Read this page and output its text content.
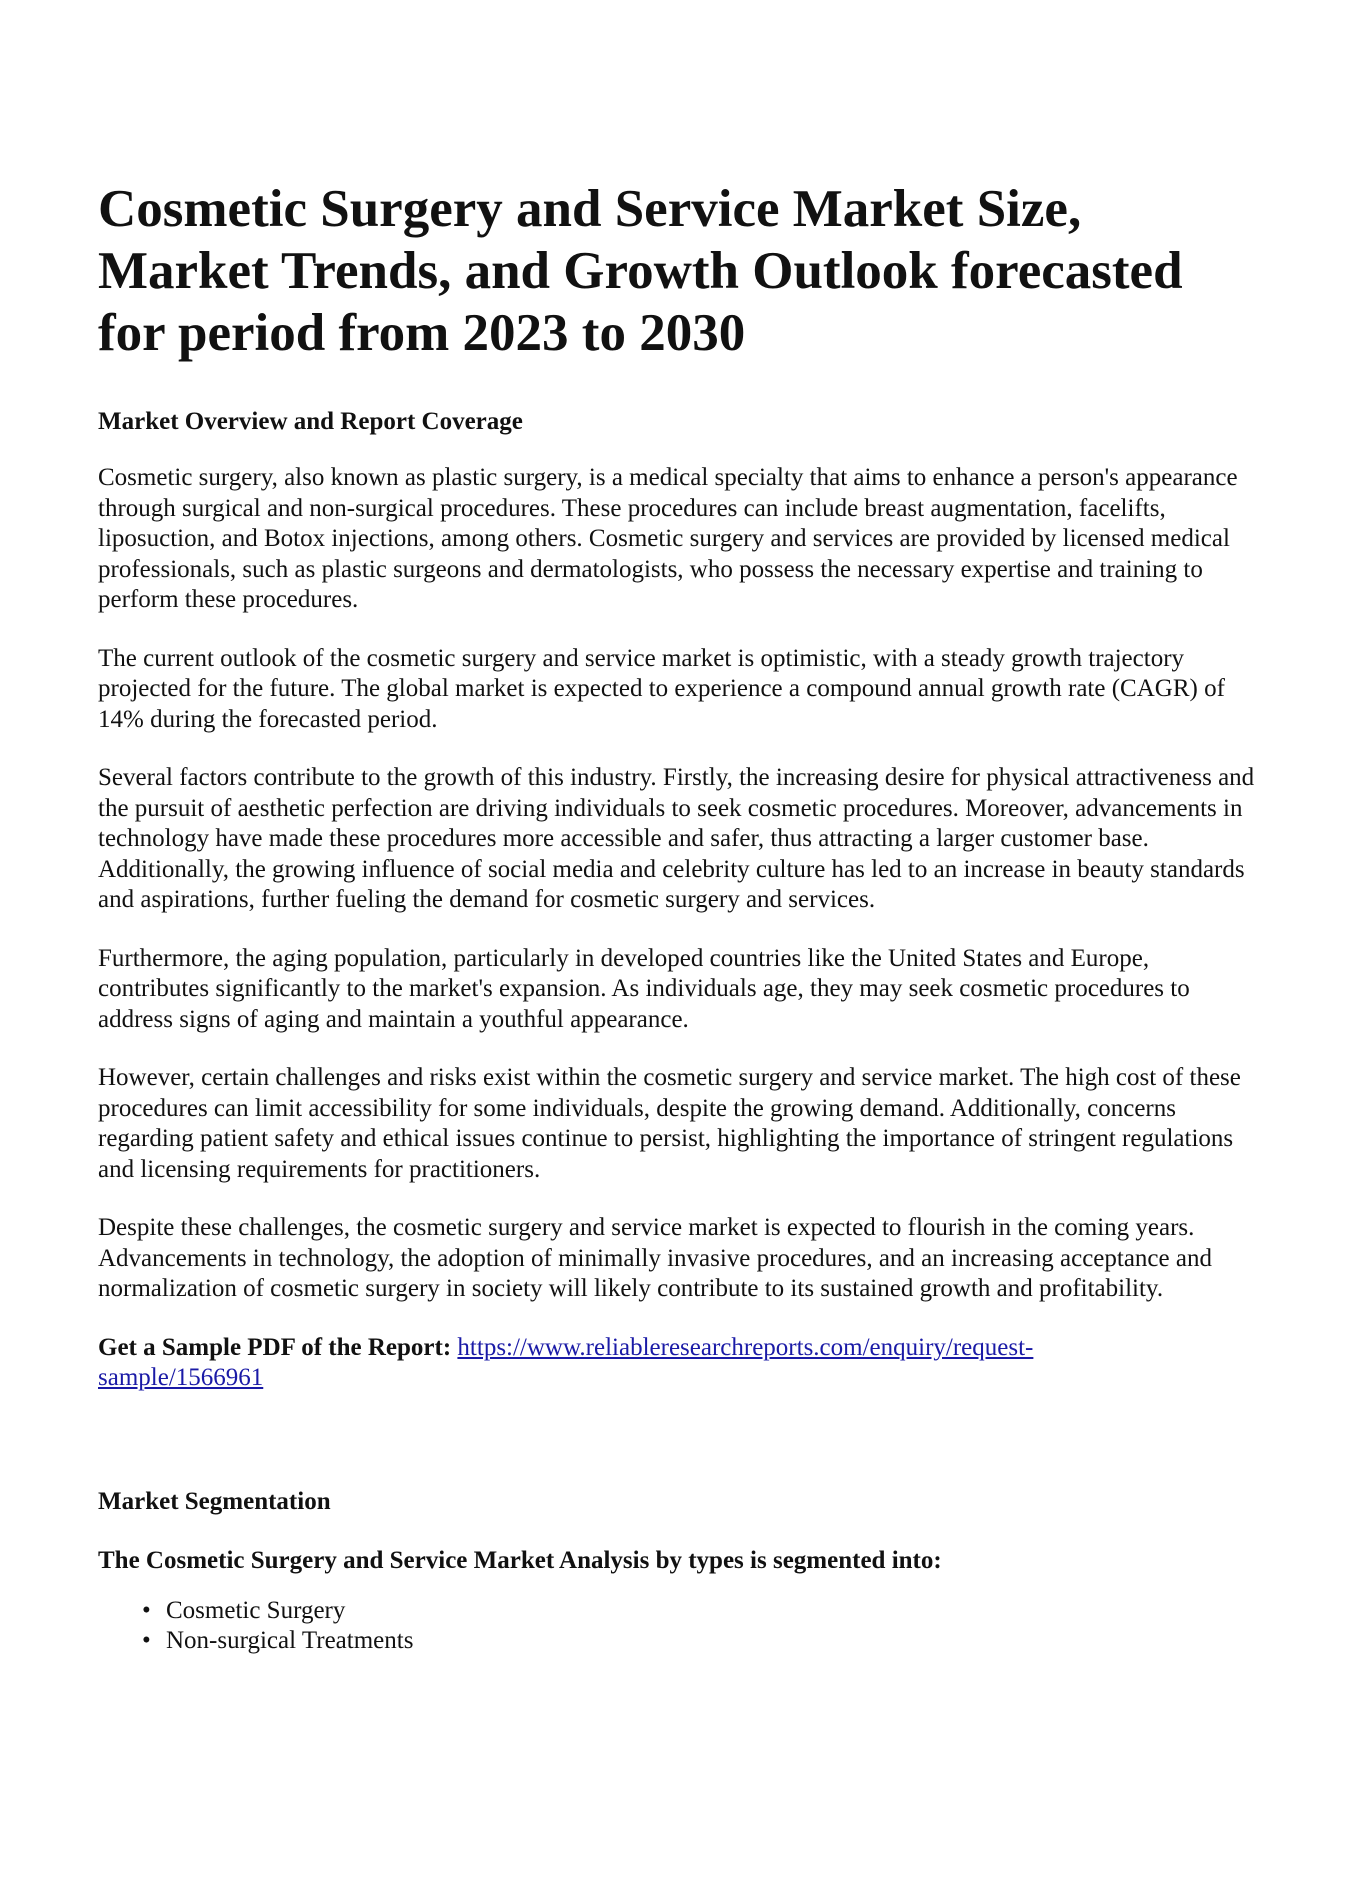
Cosmetic Surgery and Service Market Size, Market Trends, and Growth Outlook forecasted for period from 2023 to 2030
Market Overview and Report Coverage

Cosmetic surgery, also known as plastic surgery, is a medical specialty that aims to enhance a person's appearance through surgical and non-surgical procedures. These procedures can include breast augmentation, facelifts, liposuction, and Botox injections, among others. Cosmetic surgery and services are provided by licensed medical professionals, such as plastic surgeons and dermatologists, who possess the necessary expertise and training to perform these procedures.

The current outlook of the cosmetic surgery and service market is optimistic, with a steady growth trajectory projected for the future. The global market is expected to experience a compound annual growth rate (CAGR) of 14% during the forecasted period.

Several factors contribute to the growth of this industry. Firstly, the increasing desire for physical attractiveness and the pursuit of aesthetic perfection are driving individuals to seek cosmetic procedures. Moreover, advancements in technology have made these procedures more accessible and safer, thus attracting a larger customer base. Additionally, the growing influence of social media and celebrity culture has led to an increase in beauty standards and aspirations, further fueling the demand for cosmetic surgery and services.

Furthermore, the aging population, particularly in developed countries like the United States and Europe, contributes significantly to the market's expansion. As individuals age, they may seek cosmetic procedures to address signs of aging and maintain a youthful appearance.

However, certain challenges and risks exist within the cosmetic surgery and service market. The high cost of these procedures can limit accessibility for some individuals, despite the growing demand. Additionally, concerns regarding patient safety and ethical issues continue to persist, highlighting the importance of stringent regulations and licensing requirements for practitioners.

Despite these challenges, the cosmetic surgery and service market is expected to flourish in the coming years. Advancements in technology, the adoption of minimally invasive procedures, and an increasing acceptance and normalization of cosmetic surgery in society will likely contribute to its sustained growth and profitability.

Get a Sample PDF of the Report: https://www.reliableresearchreports.com/enquiry/request-
sample/1566961

Market Segmentation
The Cosmetic Surgery and Service Market Analysis by types is segmented into:
• Cosmetic Surgery
• Non-surgical Treatments
